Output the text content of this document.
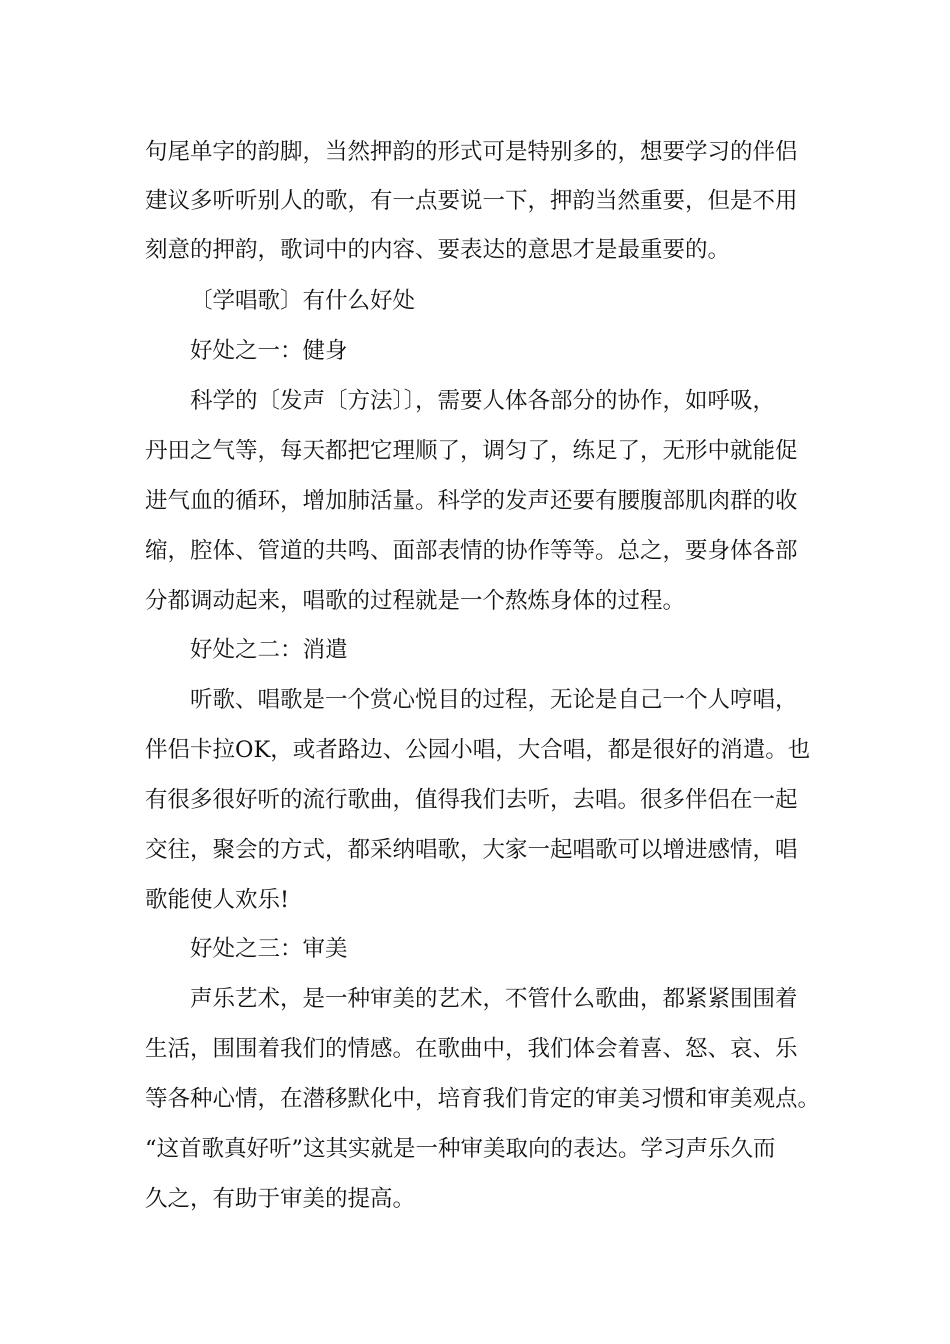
句尾单字的韵脚，当然押韵的形式可是特别多的，想要学习的伴侣
建议多听听别人的歌，有一点要说一下，押韵当然重要，但是不用
刻意的押韵，歌词中的内容、要表达的意思才是最重要的。
〔学唱歌〕有什么好处
好处之一：健身
科学的〔发声〔方法〕〕，需要人体各部分的协作，如呼吸，
丹田之气等，每天都把它理顺了，调匀了，练足了，无形中就能促
进气血的循环，增加肺活量。科学的发声还要有腰腹部肌肉群的收
缩，腔体、管道的共鸣、面部表情的协作等等。总之，要身体各部
分都调动起来，唱歌的过程就是一个熬炼身体的过程。
好处之二：消遣
听歌、唱歌是一个赏心悦目的过程，无论是自己一个人哼唱，
伴侣卡拉OK，或者路边、公园小唱，大合唱，都是很好的消遣。也
有很多很好听的流行歌曲，值得我们去听，去唱。很多伴侣在一起
交往，聚会的方式，都采纳唱歌，大家一起唱歌可以增进感情，唱
歌能使人欢乐!
好处之三：审美
声乐艺术，是一种审美的艺术，不管什么歌曲，都紧紧围围着
生活，围围着我们的情感。在歌曲中，我们体会着喜、怒、哀、乐
等各种心情，在潜移默化中，培育我们肯定的审美习惯和审美观点。
“这首歌真好听”这其实就是一种审美取向的表达。学习声乐久而
久之，有助于审美的提高。
